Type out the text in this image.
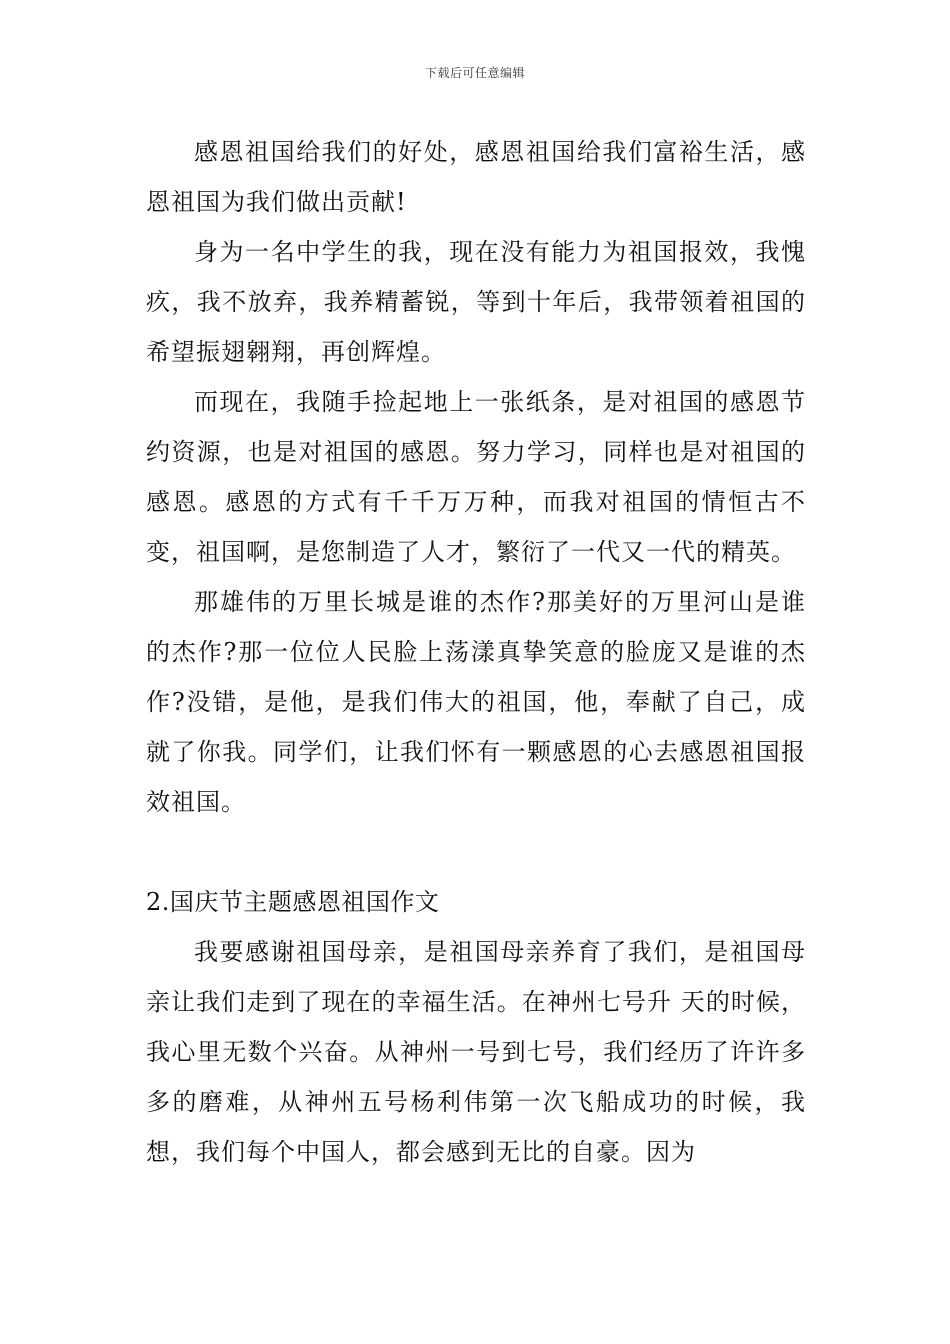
下载后可任意编辑

感恩祖国给我们的好处，感恩祖国给我们富裕生活，感恩祖国为我们做出贡献!

身为一名中学生的我，现在没有能力为祖国报效，我愧疚，我不放弃，我养精蓄锐，等到十年后，我带领着祖国的希望振翅翱翔，再创辉煌。

而现在，我随手捡起地上一张纸条，是对祖国的感恩节约资源，也是对祖国的感恩。努力学习，同样也是对祖国的感恩。感恩的方式有千千万万种，而我对祖国的情恒古不变，祖国啊，是您制造了人才，繁衍了一代又一代的精英。

那雄伟的万里长城是谁的杰作?那美好的万里河山是谁的杰作?那一位位人民脸上荡漾真挚笑意的脸庞又是谁的杰作?没错，是他，是我们伟大的祖国，他，奉献了自己，成就了你我。同学们，让我们怀有一颗感恩的心去感恩祖国报效祖国。

2.国庆节主题感恩祖国作文

我要感谢祖国母亲，是祖国母亲养育了我们，是祖国母亲让我们走到了现在的幸福生活。在神州七号升 天的时候，我心里无数个兴奋。从神州一号到七号，我们经历了许许多多的磨难，从神州五号杨利伟第一次飞船成功的时候，我想，我们每个中国人，都会感到无比的自豪。因为
